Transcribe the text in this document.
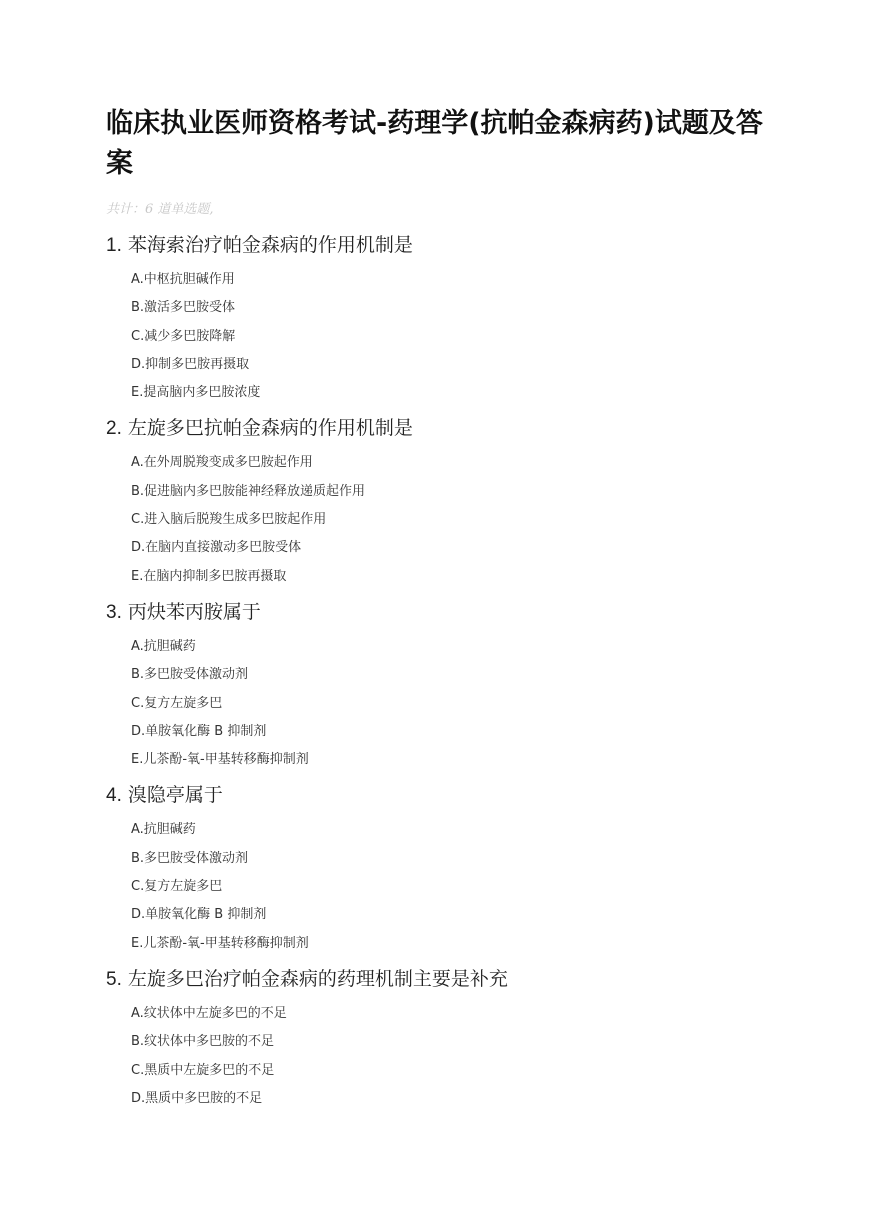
临床执业医师资格考试-药理学(抗帕金森病药)试题及答案
共计：6 道单选题,
1. 苯海索治疗帕金森病的作用机制是
A.中枢抗胆碱作用
B.激活多巴胺受体
C.减少多巴胺降解
D.抑制多巴胺再摄取
E.提高脑内多巴胺浓度
2. 左旋多巴抗帕金森病的作用机制是
A.在外周脱羧变成多巴胺起作用
B.促进脑内多巴胺能神经释放递质起作用
C.进入脑后脱羧生成多巴胺起作用
D.在脑内直接激动多巴胺受体
E.在脑内抑制多巴胺再摄取
3. 丙炔苯丙胺属于
A.抗胆碱药
B.多巴胺受体激动剂
C.复方左旋多巴
D.单胺氧化酶 B 抑制剂
E.儿茶酚-氧-甲基转移酶抑制剂
4. 溴隐亭属于
A.抗胆碱药
B.多巴胺受体激动剂
C.复方左旋多巴
D.单胺氧化酶 B 抑制剂
E.儿茶酚-氧-甲基转移酶抑制剂
5. 左旋多巴治疗帕金森病的药理机制主要是补充
A.纹状体中左旋多巴的不足
B.纹状体中多巴胺的不足
C.黑质中左旋多巴的不足
D.黑质中多巴胺的不足
